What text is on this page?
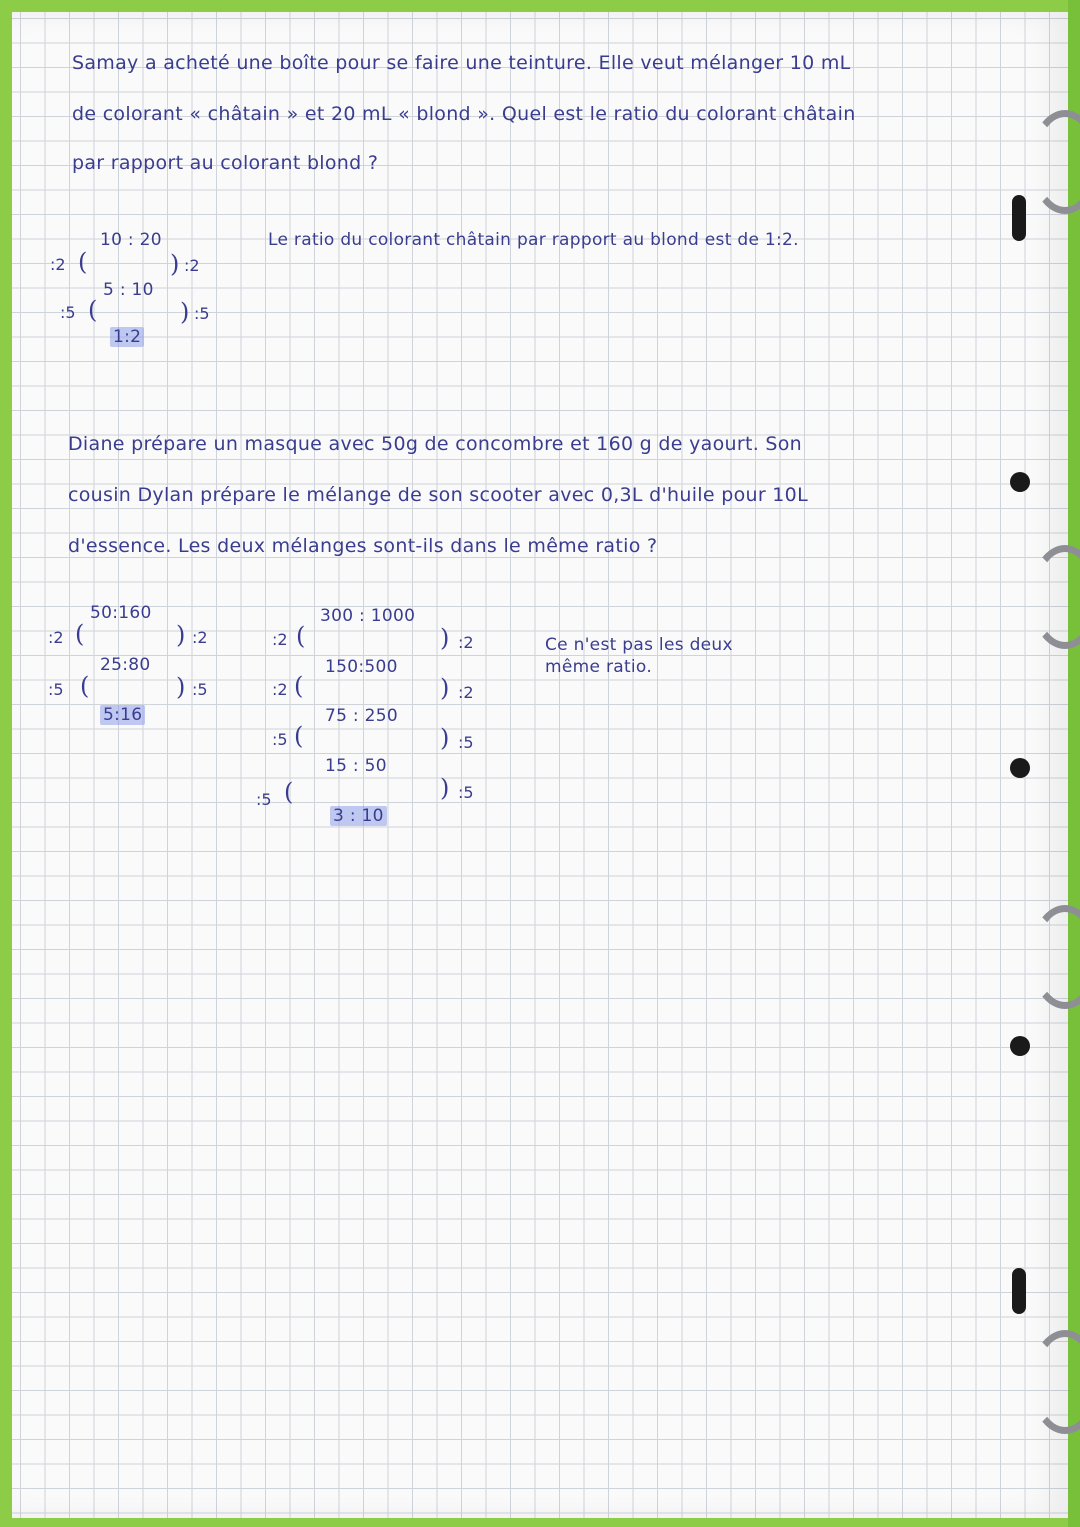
Samay a acheté une boîte pour se faire une teinture. Elle veut mélanger 10 mL
de colorant « châtain » et 20 mL « blond ». Quel est le ratio du colorant châtain
par rapport au colorant blond ?
Le ratio du colorant châtain par rapport au blond est de 1:2.
10 : 20
5 : 10
1:2
:2
:5
(
(
)
)
:2
:5
Diane prépare un masque avec 50g de concombre et 160 g de yaourt. Son
cousin Dylan prépare le mélange de son scooter avec 0,3L d'huile pour 10L
d'essence. Les deux mélanges sont-ils dans le même ratio ?
50:160
25:80
5:16
:2
:5
(
(
)
)
:2
:5
300 : 1000
150:500
75 : 250
15 : 50
3 : 10
:2
:2
:5
:5
(
(
(
(
)
)
)
)
:2
:2
:5
:5
Ce n'est pas les deux
même ratio.
